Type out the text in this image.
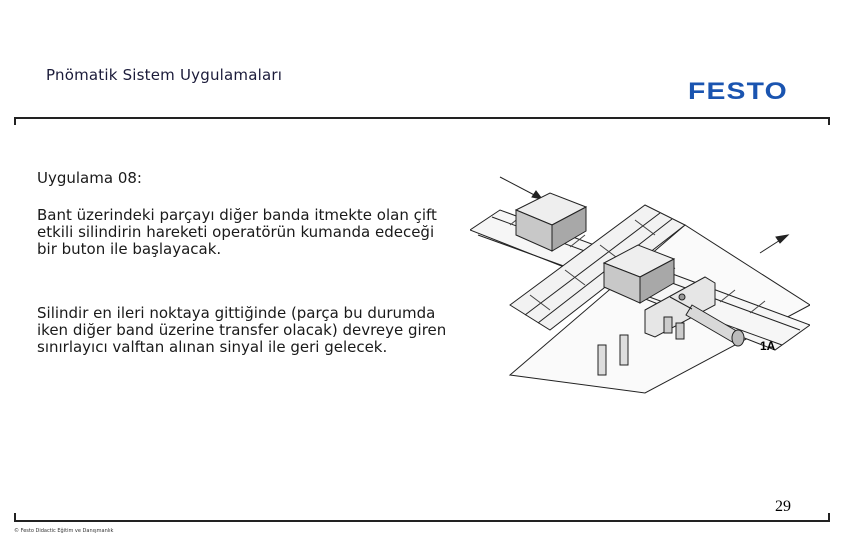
Pnömatik Sistem Uygulamaları
FESTO
Uygulama 08:
Bant üzerindeki parçayı diğer banda itmekte olan çift etkili silindirin hareketi operatörün kumanda edeceği bir buton ile başlayacak.
Silindir en ileri noktaya gittiğinde (parça bu durumda iken diğer band üzerine transfer olacak) devreye giren sınırlayıcı valftan alınan sinyal ile geri gelecek.	1A
29
© Festo Didactic Eğitim ve Danışmanlık
